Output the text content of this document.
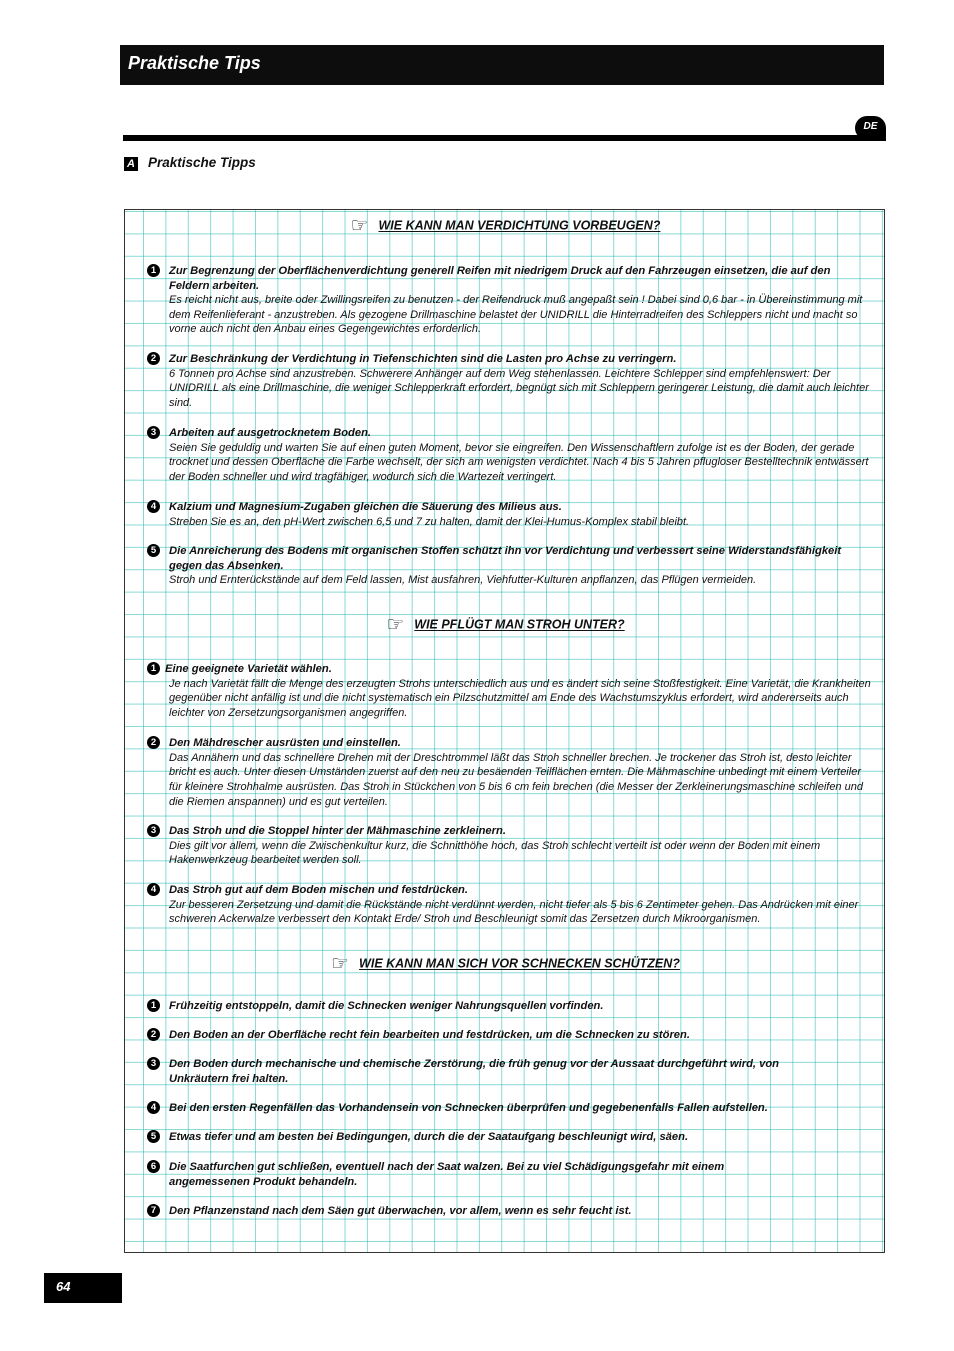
Praktische Tips
DE
A Praktische Tipps
☞ WIE KANN MAN VERDICHTUNG VORBEUGEN?
1	Zur Begrenzung der Oberflächenverdichtung generell Reifen mit niedrigem Druck auf den Fahrzeugen einsetzen, die auf den Feldern arbeiten.
Es reicht nicht aus, breite oder Zwillingsreifen zu benutzen - der Reifendruck muß angepaßt sein ! Dabei sind 0,6 bar - in Übereinstimmung mit dem Reifenlieferant - anzustreben. Als gezogene Drillmaschine belastet der UNIDRILL die Hinterradreifen des Schleppers nicht und macht so vorne auch nicht den Anbau eines Gegengewichtes erforderlich.
2	Zur Beschränkung der Verdichtung in Tiefenschichten sind die Lasten pro Achse zu verringern.
6 Tonnen pro Achse sind anzustreben. Schwerere Anhänger auf dem Weg stehenlassen. Leichtere Schlepper sind empfehlenswert: Der UNIDRILL als eine Drillmaschine, die weniger Schlepperkraft erfordert, begnügt sich mit Schleppern geringerer Leistung, die damit auch leichter sind.
3	Arbeiten auf ausgetrocknetem Boden.
Seien Sie geduldig und warten Sie auf einen guten Moment, bevor sie eingreifen. Den Wissenschaftlern zufolge ist es der Boden, der gerade trocknet und dessen Oberfläche die Farbe wechselt, der sich am wenigsten verdichtet. Nach 4 bis 5 Jahren pflugloser Bestelltechnik entwässert der Boden schneller und wird tragfähiger, wodurch sich die Wartezeit verringert.
4	Kalzium und Magnesium-Zugaben gleichen die Säuerung des Milieus aus.
Streben Sie es an, den pH-Wert zwischen 6,5 und 7 zu halten, damit der Klei-Humus-Komplex stabil bleibt.
5	Die Anreicherung des Bodens mit organischen Stoffen schützt ihn vor Verdichtung und verbessert seine Widerstandsfähigkeit gegen das Absenken.
Stroh und Ernterückstände auf dem Feld lassen, Mist ausfahren, Viehfutter-Kulturen anpflanzen, das Pflügen vermeiden.
☞ WIE PFLÜGT MAN STROH UNTER?
1 Eine geeignete Varietät wählen.
Je nach Varietät fällt die Menge des erzeugten Strohs unterschiedlich aus und es ändert sich seine Stoßfestigkeit. Eine Varietät, die Krankheiten gegenüber nicht anfällig ist und die nicht systematisch ein Pilzschutzmittel am Ende des Wachstumszyklus erfordert, wird andererseits auch leichter von Zersetzungsorganismen angegriffen.
2	Den Mähdrescher ausrüsten und einstellen.
Das Annähern und das schnellere Drehen mit der Dreschtrommel läßt das Stroh schneller brechen. Je trockener das Stroh ist, desto leichter bricht es auch. Unter diesen Umständen zuerst auf den neu zu besäenden Teilflächen ernten. Die Mähmaschine unbedingt mit einem Verteiler für kleinere Strohhalme ausrüsten. Das Stroh in Stückchen von 5 bis 6 cm fein brechen (die Messer der Zerkleinerungsmaschine schleifen und die Riemen anspannen) und es gut verteilen.
3	Das Stroh und die Stoppel hinter der Mähmaschine zerkleinern.
Dies gilt vor allem, wenn die Zwischenkultur kurz, die Schnitthöhe hoch, das Stroh schlecht verteilt ist oder wenn der Boden mit einem Hakenwerkzeug bearbeitet werden soll.
4	Das Stroh gut auf dem Boden mischen und festdrücken.
Zur besseren Zersetzung und damit die Rückstände nicht verdünnt werden, nicht tiefer als 5 bis 6 Zentimeter gehen. Das Andrücken mit einer schweren Ackerwalze verbessert den Kontakt Erde/ Stroh und Beschleunigt somit das Zersetzen durch Mikroorganismen.
☞ WIE KANN MAN SICH VOR SCHNECKEN SCHÜTZEN?
1	Frühzeitig entstoppeln, damit die Schnecken weniger Nahrungsquellen vorfinden.
2	Den Boden an der Oberfläche recht fein bearbeiten und festdrücken, um die Schnecken zu stören.
3	Den Boden durch mechanische und chemische Zerstörung, die früh genug vor der Aussaat durchgeführt wird, von Unkräutern frei halten.
4	Bei den ersten Regenfällen das Vorhandensein von Schnecken überprüfen und gegebenenfalls Fallen aufstellen.
5	Etwas tiefer und am besten bei Bedingungen, durch die der Saataufgang beschleunigt wird, säen.
6	Die Saatfurchen gut schließen, eventuell nach der Saat walzen. Bei zu viel Schädigungsgefahr mit einem angemessenen Produkt behandeln.
7	Den Pflanzenstand nach dem Säen gut überwachen, vor allem, wenn es sehr feucht ist.
64
